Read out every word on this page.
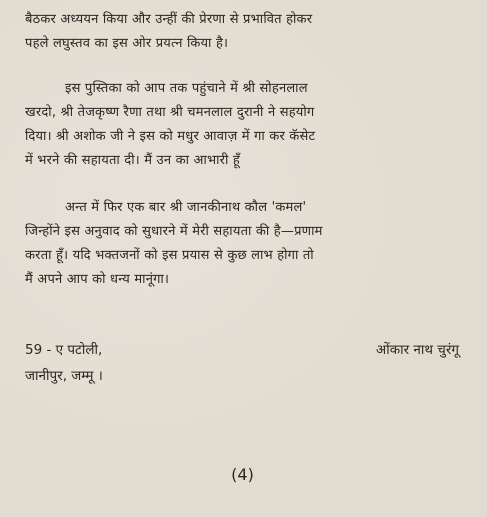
बैठकर अध्ययन किया और उन्हीं की प्रेरणा से प्रभावित होकर
पहले लघुस्तव का इस ओर प्रयत्न किया है।

इस पुस्तिका को आप तक पहुंचाने में श्री सोहनलाल
खरदो, श्री तेजकृष्ण रैणा तथा श्री चमनलाल दुरानी ने सहयोग
दिया। श्री अशोक जी ने इस को मधुर आवाज़ में गा कर कॅसेट
में भरने की सहायता दी। मैं उन का आभारी हूँ

अन्त में फिर एक बार श्री जानकीनाथ कौल 'कमल'
जिन्होंने इस अनुवाद को सुधारने में मेरी सहायता की है—प्रणाम
करता हूँ। यदि भक्तजनों को इस प्रयास से कुछ लाभ होगा तो
मैं अपने आप को धन्य मानूंगा।

59 - ए पटोली,
जानीपुर, जम्मू ।
ओंकार नाथ चुरंगू
(4)
